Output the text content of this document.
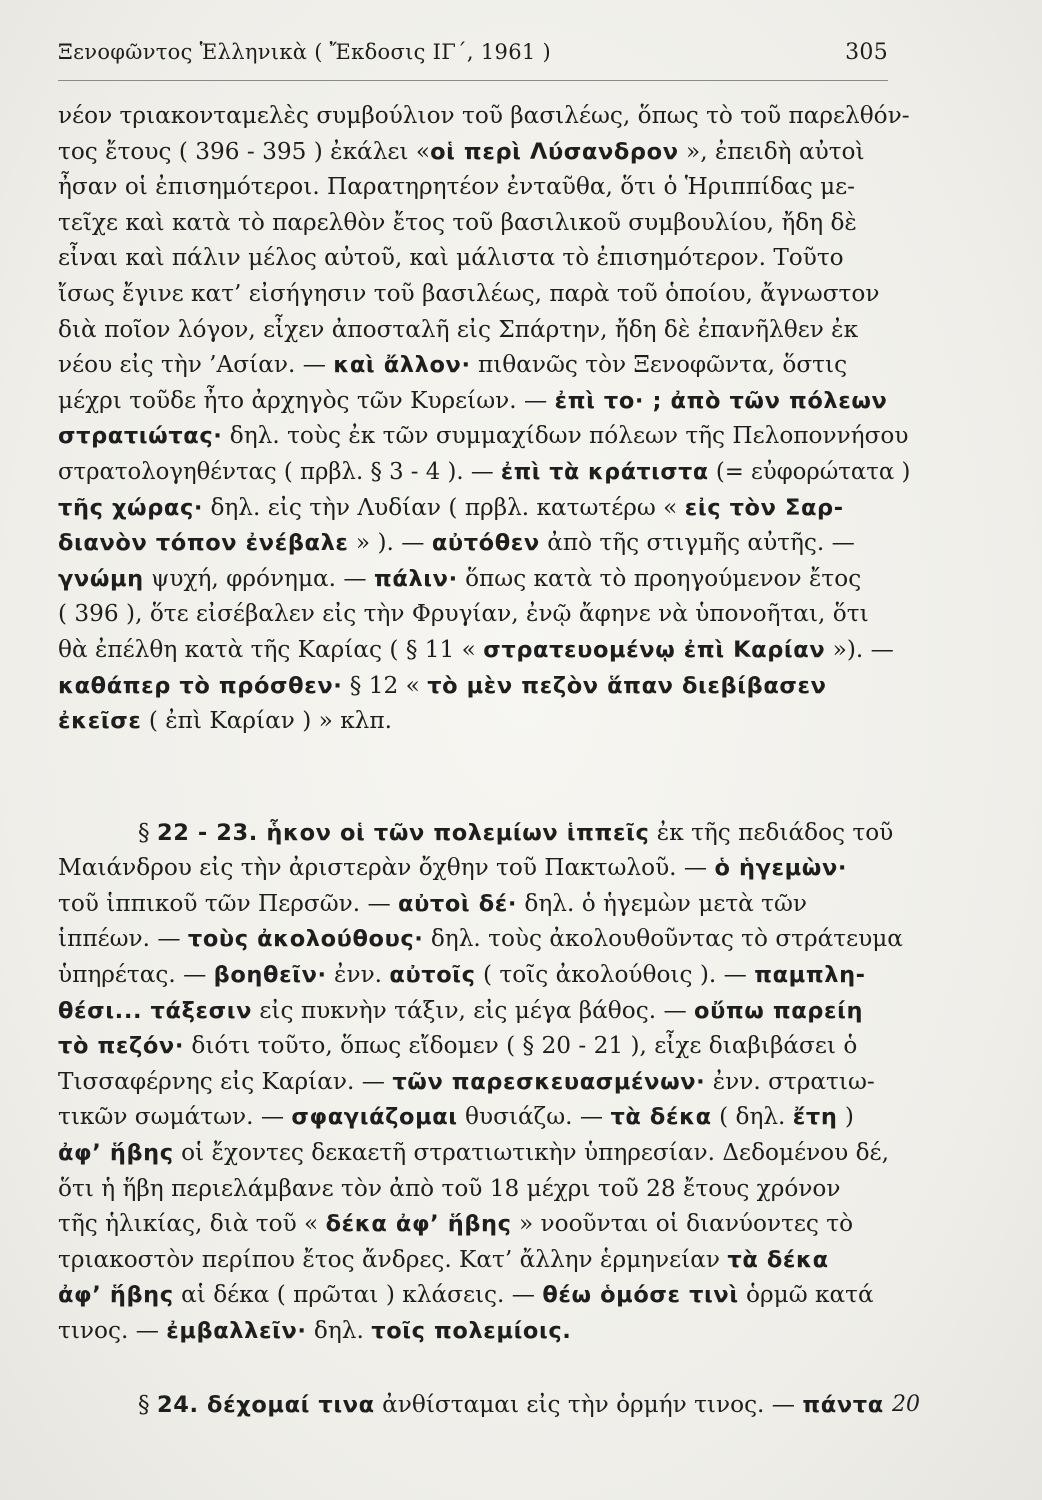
Ξενοφῶντος Ἑλληνικὰ ( Ἔκδοσις ΙΓ΄, 1961 )	305
νέον τριακονταμελὲς συμβούλιον τοῦ βασιλέως, ὅπως τὸ τοῦ παρελθόν-
τος ἔτους ( 396 - 395 ) ἐκάλει «οἱ περὶ Λύσανδρον », ἐπειδὴ αὐτοὶ
ἦσαν οἱ ἐπισημότεροι. Παρατηρητέον ἐνταῦθα, ὅτι ὁ Ἡριππίδας με-
τεῖχε καὶ κατὰ τὸ παρελθὸν ἔτος τοῦ βασιλικοῦ συμβουλίου, ἤδη δὲ
εἶναι καὶ πάλιν μέλος αὐτοῦ, καὶ μάλιστα τὸ ἐπισημότερον. Τοῦτο
ἴσως ἔγινε κατ’ εἰσήγησιν τοῦ βασιλέως, παρὰ τοῦ ὁποίου, ἄγνωστον
διὰ ποῖον λόγον, εἶχεν ἀποσταλῆ εἰς Σπάρτην, ἤδη δὲ ἐπανῆλθεν ἐκ
νέου εἰς τὴν ’Ασίαν. — καὶ ἄλλον· πιθανῶς τὸν Ξενοφῶντα, ὅστις
μέχρι τοῦδε ἦτο ἀρχηγὸς τῶν Κυρείων. — ἐπὶ το· ; ἀπὸ τῶν πόλεων
στρατιώτας· δηλ. τοὺς ἐκ τῶν συμμαχίδων πόλεων τῆς Πελοποννήσου
στρατολογηθέντας ( πρβλ. § 3 - 4 ). — ἐπὶ τὰ κράτιστα (= εὐφορώτατα )
τῆς χώρας· δηλ. εἰς τὴν Λυδίαν ( πρβλ. κατωτέρω « εἰς τὸν Σαρ-
διανὸν τόπον ἐνέβαλε » ). — αὐτόθεν ἀπὸ τῆς στιγμῆς αὐτῆς. —
γνώμη ψυχή, φρόνημα. — πάλιν· ὅπως κατὰ τὸ προηγούμενον ἔτος
( 396 ), ὅτε εἰσέβαλεν εἰς τὴν Φρυγίαν, ἐνῷ ἄφηνε νὰ ὑπονοῆται, ὅτι
θὰ ἐπέλθη κατὰ τῆς Καρίας ( § 11 « στρατευομένῳ ἐπὶ Καρίαν »). —
καθάπερ τὸ πρόσθεν· § 12 « τὸ μὲν πεζὸν ἅπαν διεβίβασεν
ἐκεῖσε ( ἐπὶ Καρίαν ) » κλπ.
§ 22 - 23. ἧκον οἱ τῶν πολεμίων ἱππεῖς ἐκ τῆς πεδιάδος τοῦ
Μαιάνδρου εἰς τὴν ἀριστερὰν ὄχθην τοῦ Πακτωλοῦ. — ὁ ἡγεμὼν·
τοῦ ἱππικοῦ τῶν Περσῶν. — αὐτοὶ δέ· δηλ. ὁ ἡγεμὼν μετὰ τῶν
ἱππέων. — τοὺς ἀκολούθους· δηλ. τοὺς ἀκολουθοῦντας τὸ στράτευμα
ὑπηρέτας. — βοηθεῖν· ἐνν. αὐτοῖς ( τοῖς ἀκολούθοις ). — παμπλη-
θέσι... τάξεσιν εἰς πυκνὴν τάξιν, εἰς μέγα βάθος. — οὔπω παρείη
τὸ πεζόν· διότι τοῦτο, ὅπως εἴδομεν ( § 20 - 21 ), εἶχε διαβιβάσει ὁ
Τισσαφέρνης εἰς Καρίαν. — τῶν παρεσκευασμένων· ἐνν. στρατιω-
τικῶν σωμάτων. — σφαγιάζομαι θυσιάζω. — τὰ δέκα ( δηλ. ἔτη )
ἀφ’ ἥβης οἱ ἔχοντες δεκαετῆ στρατιωτικὴν ὑπηρεσίαν. Δεδομένου δέ,
ὅτι ἡ ἥβη περιελάμβανε τὸν ἀπὸ τοῦ 18 μέχρι τοῦ 28 ἔτους χρόνον
τῆς ἡλικίας, διὰ τοῦ « δέκα ἀφ’ ἥβης » νοοῦνται οἱ διανύοντες τὸ
τριακοστὸν περίπου ἔτος ἄνδρες. Κατ’ ἄλλην ἑρμηνείαν τὰ δέκα
ἀφ’ ἥβης αἱ δέκα ( πρῶται ) κλάσεις. — θέω ὁμόσε τινὶ ὁρμῶ κατά
τινος. — ἐμβαλλεῖν· δηλ. τοῖς πολεμίοις.
§ 24. δέχομαί τινα ἀνθίσταμαι εἰς τὴν ὁρμήν τινος. — πάντα 20
